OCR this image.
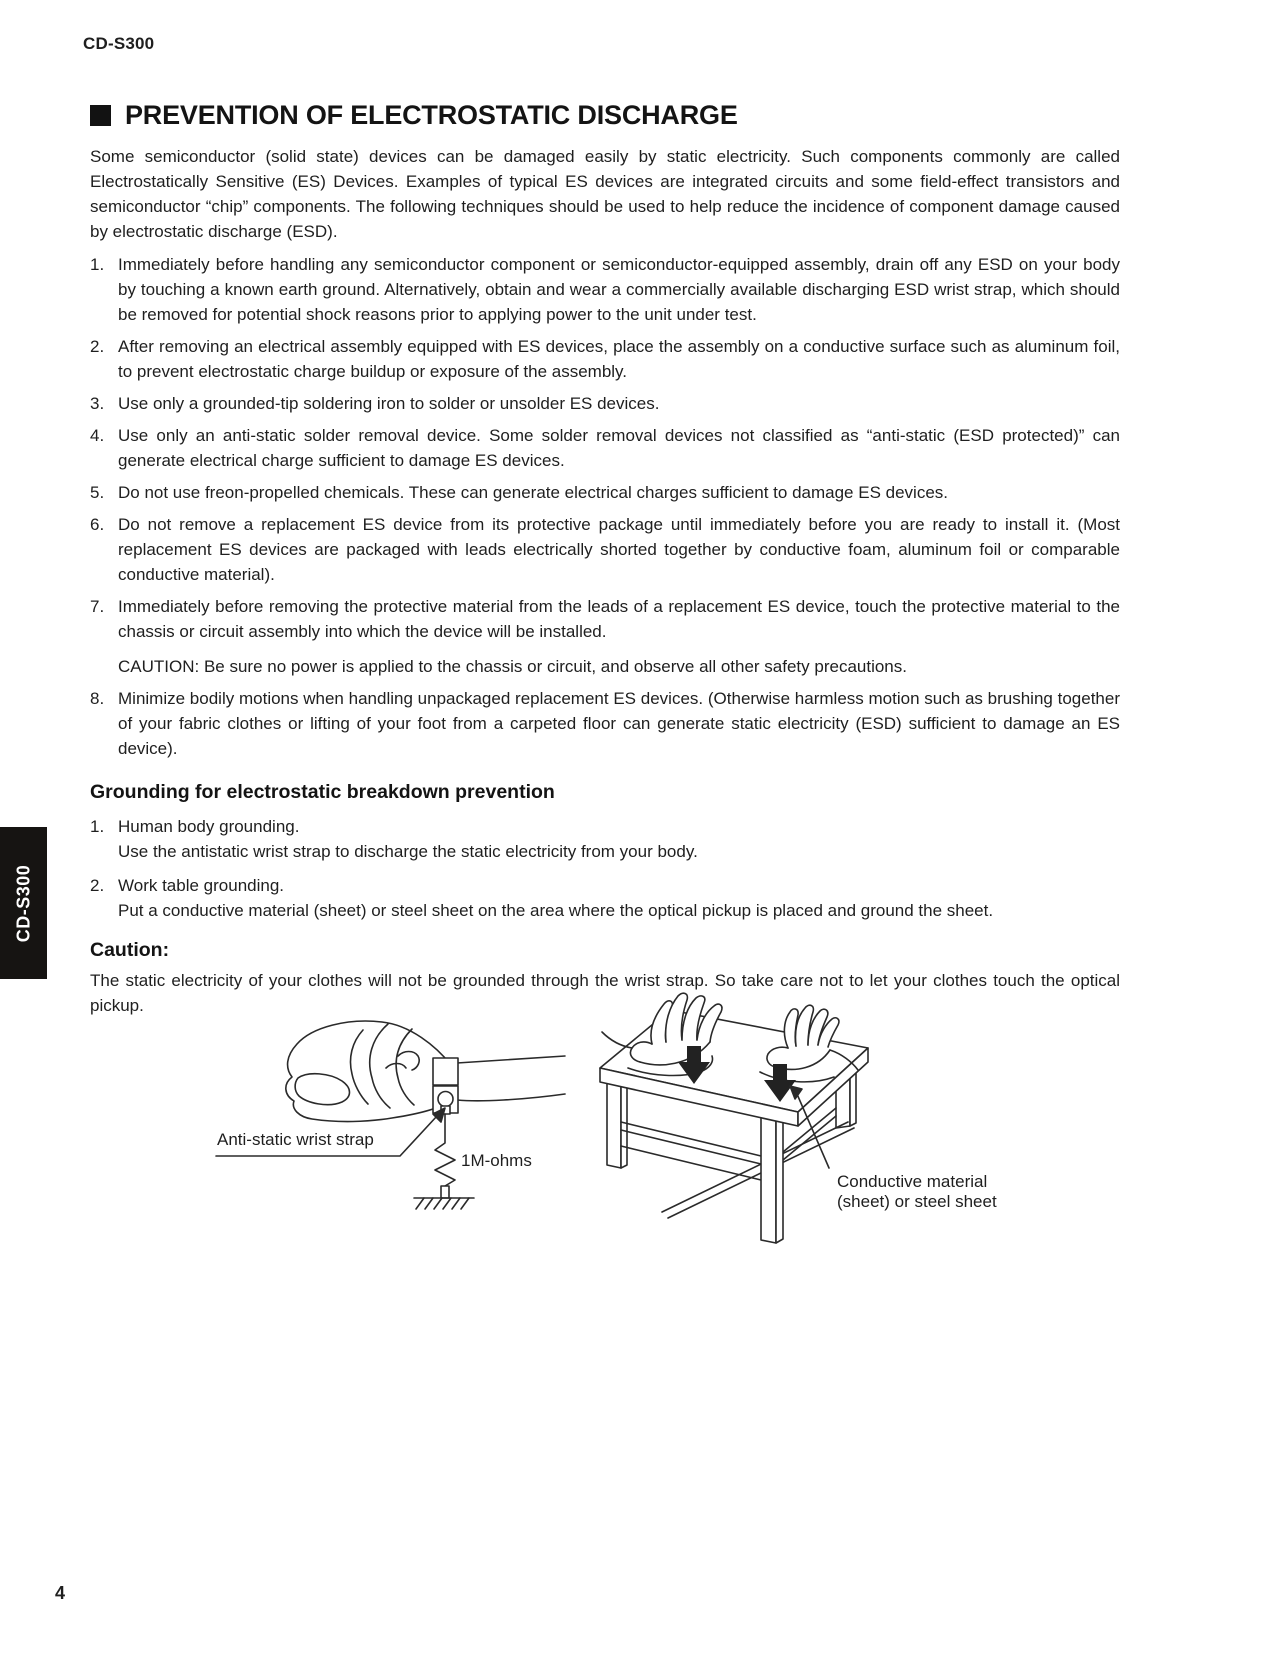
CD-S300
PREVENTION OF ELECTROSTATIC DISCHARGE

Some semiconductor (solid state) devices can be damaged easily by static electricity. Such components commonly are called Electrostatically Sensitive (ES) Devices. Examples of typical ES devices are integrated circuits and some field-effect transistors and semiconductor “chip” components. The following techniques should be used to help reduce the incidence of component damage caused by electrostatic discharge (ESD).

1. Immediately before handling any semiconductor component or semiconductor-equipped assembly, drain off any ESD on your body by touching a known earth ground. Alternatively, obtain and wear a commercially available discharging ESD wrist strap, which should be removed for potential shock reasons prior to applying power to the unit under test.
2. After removing an electrical assembly equipped with ES devices, place the assembly on a conductive surface such as aluminum foil, to prevent electrostatic charge buildup or exposure of the assembly.
3. Use only a grounded-tip soldering iron to solder or unsolder ES devices.
4. Use only an anti-static solder removal device. Some solder removal devices not classified as “anti-static (ESD protected)” can generate electrical charge sufficient to damage ES devices.
5. Do not use freon-propelled chemicals. These can generate electrical charges sufficient to damage ES devices.
6. Do not remove a replacement ES device from its protective package until immediately before you are ready to install it. (Most replacement ES devices are packaged with leads electrically shorted together by conductive foam, aluminum foil or comparable conductive material).
7. Immediately before removing the protective material from the leads of a replacement ES device, touch the protective material to the chassis or circuit assembly into which the device will be installed.
CAUTION: Be sure no power is applied to the chassis or circuit, and observe all other safety precautions.
8. Minimize bodily motions when handling unpackaged replacement ES devices. (Otherwise harmless motion such as brushing together of your fabric clothes or lifting of your foot from a carpeted floor can generate static electricity (ESD) sufficient to damage an ES device).
Grounding for electrostatic breakdown prevention
1. Human body grounding.
Use the antistatic wrist strap to discharge the static electricity from your body.
2. Work table grounding.
Put a conductive material (sheet) or steel sheet on the area where the optical pickup is placed and ground the sheet.
Caution:

The static electricity of your clothes will not be grounded through the wrist strap. So take care not to let your clothes touch the optical pickup.

Anti-static wrist strap
1M-ohms
Conductive material
(sheet) or steel sheet
CD-S300
4
